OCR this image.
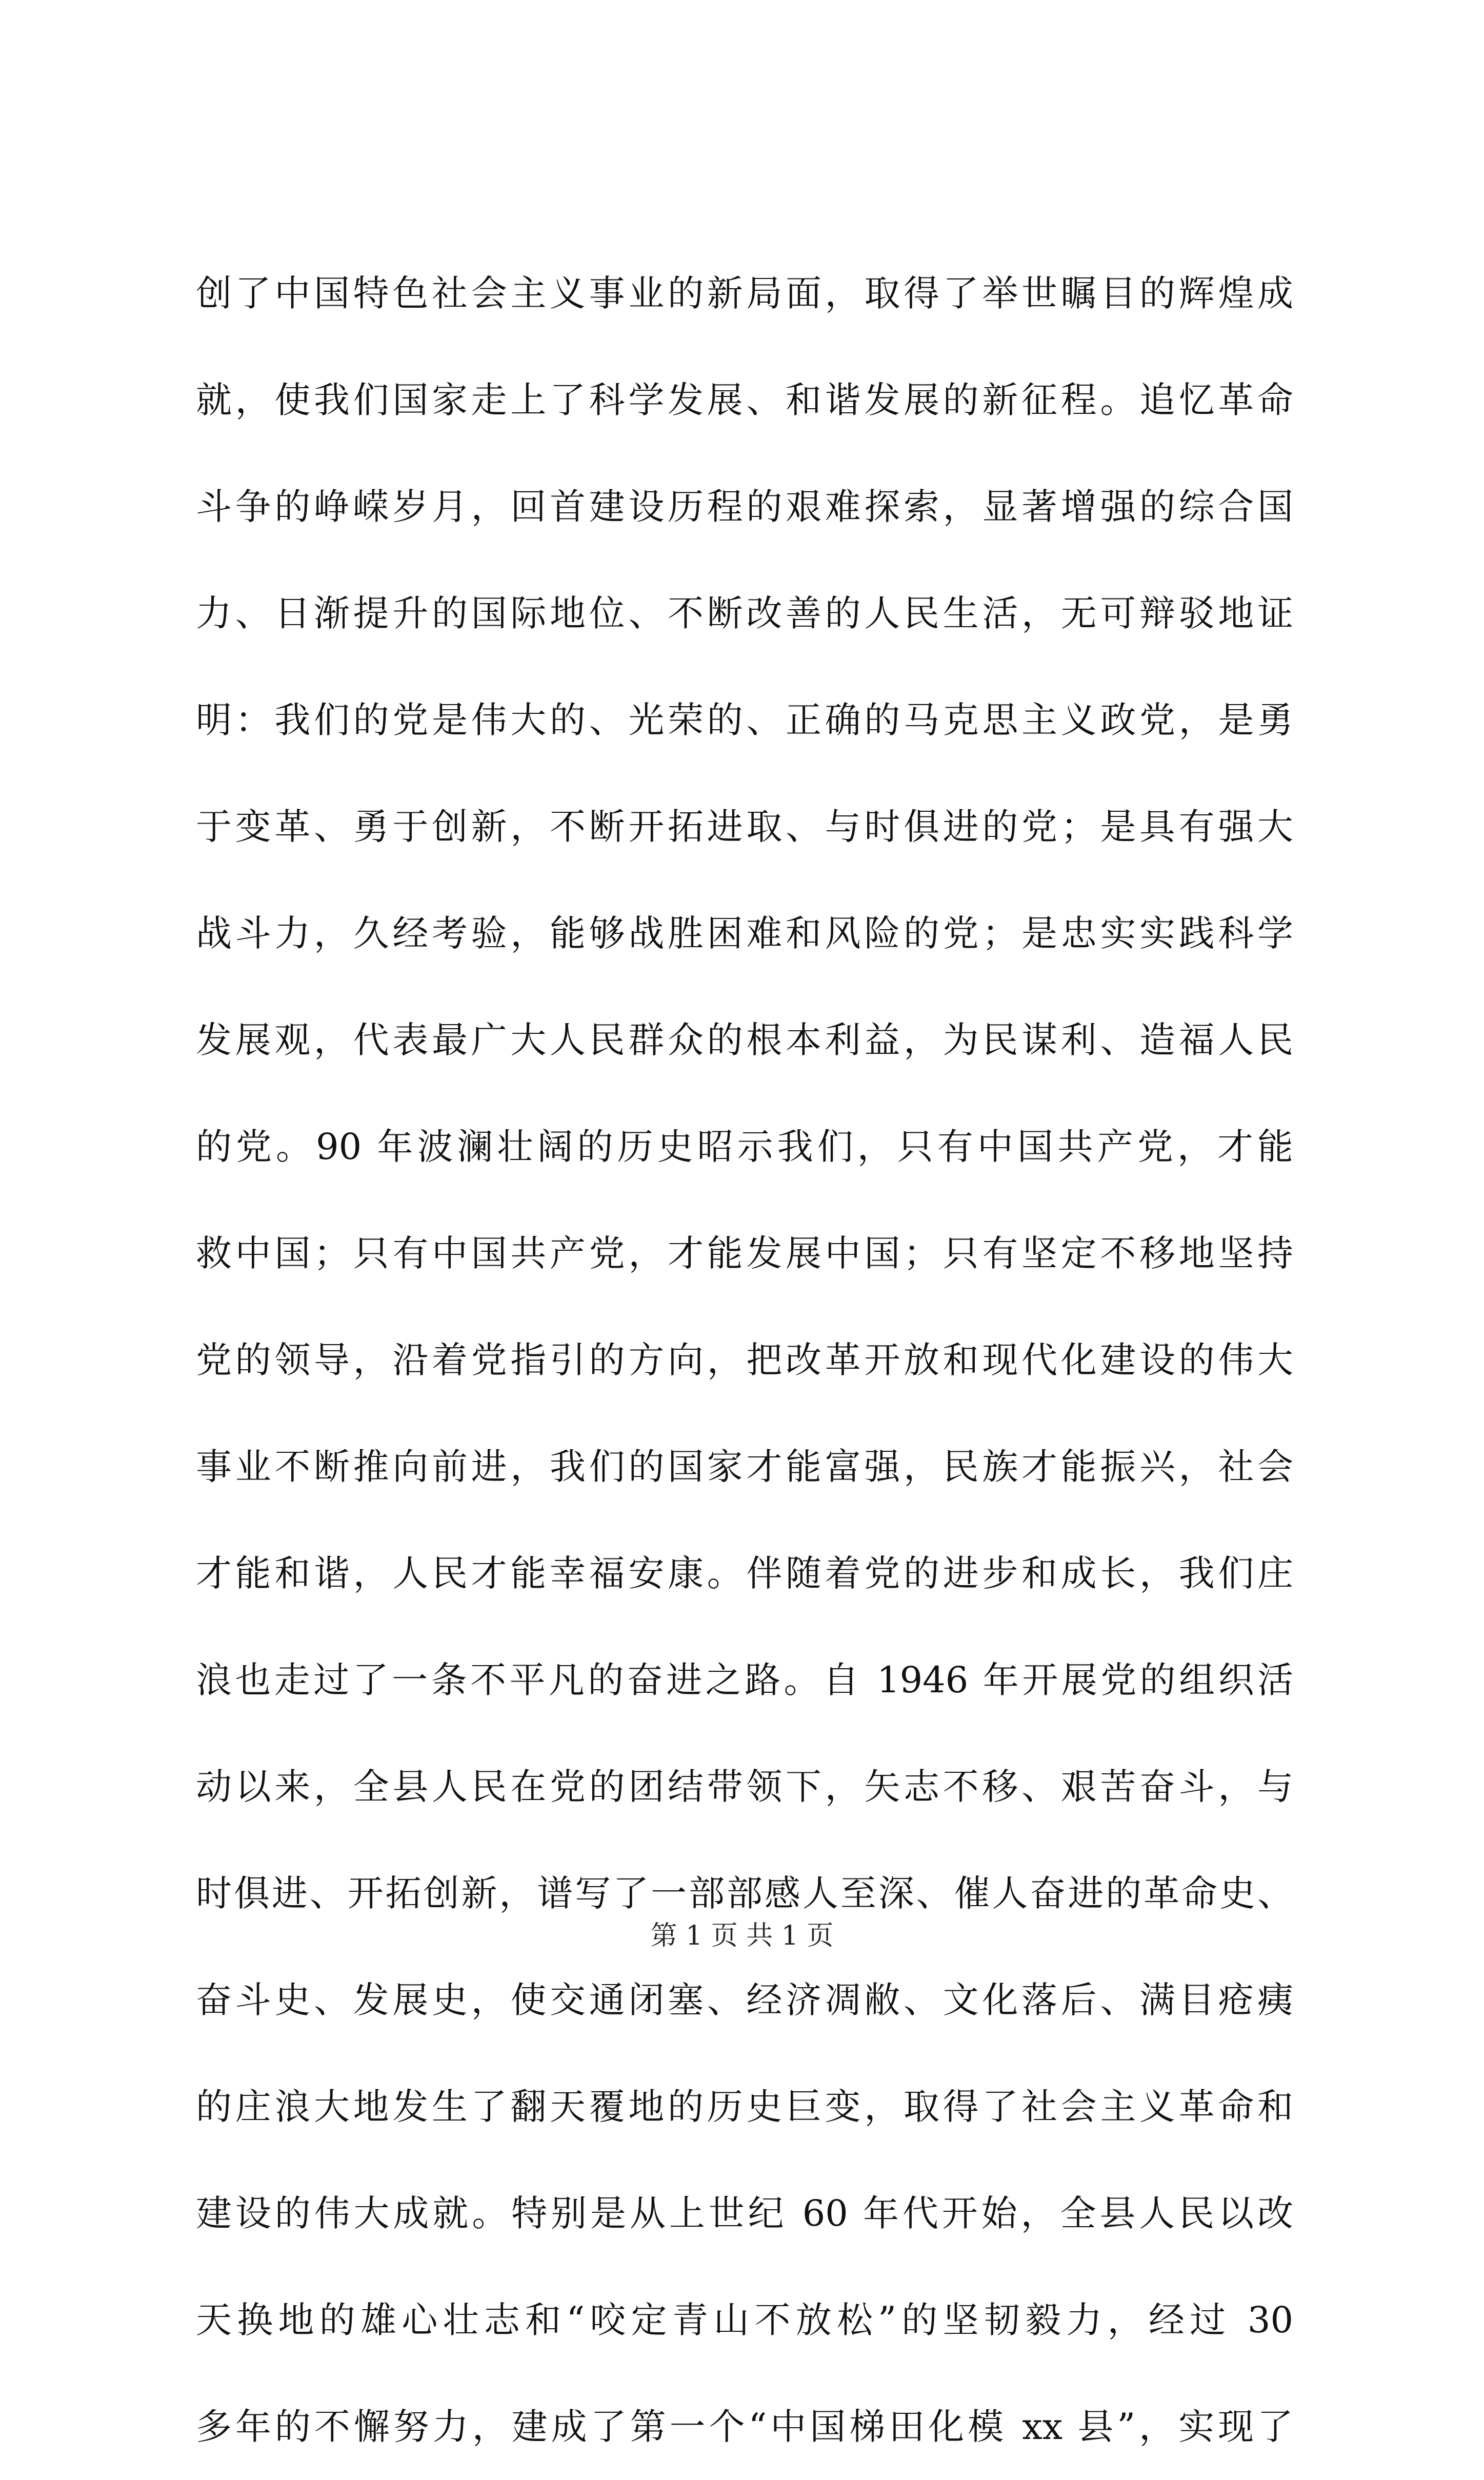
创了中国特色社会主义事业的新局面，取得了举世瞩目的辉煌成
就，使我们国家走上了科学发展、和谐发展的新征程。追忆革命
斗争的峥嵘岁月，回首建设历程的艰难探索，显著增强的综合国
力、日渐提升的国际地位、不断改善的人民生活，无可辩驳地证
明：我们的党是伟大的、光荣的、正确的马克思主义政党，是勇
于变革、勇于创新，不断开拓进取、与时俱进的党；是具有强大
战斗力，久经考验，能够战胜困难和风险的党；是忠实实践科学
发展观，代表最广大人民群众的根本利益，为民谋利、造福人民
的党。90 年波澜壮阔的历史昭示我们，只有中国共产党，才能
救中国；只有中国共产党，才能发展中国；只有坚定不移地坚持
党的领导，沿着党指引的方向，把改革开放和现代化建设的伟大
事业不断推向前进，我们的国家才能富强，民族才能振兴，社会
才能和谐，人民才能幸福安康。伴随着党的进步和成长，我们庄
浪也走过了一条不平凡的奋进之路。自 1946 年开展党的组织活
动以来，全县人民在党的团结带领下，矢志不移、艰苦奋斗，与
时俱进、开拓创新，谱写了一部部感人至深、催人奋进的革命史、
奋斗史、发展史，使交通闭塞、经济凋敝、文化落后、满目疮痍
的庄浪大地发生了翻天覆地的历史巨变，取得了社会主义革命和
建设的伟大成就。特别是从上世纪 60 年代开始，全县人民以改
天换地的雄心壮志和“咬定青山不放松”的坚韧毅力，经过 30
多年的不懈努力，建成了第一个“中国梯田化模 xx 县”，实现了
第 1 页 共 1 页
